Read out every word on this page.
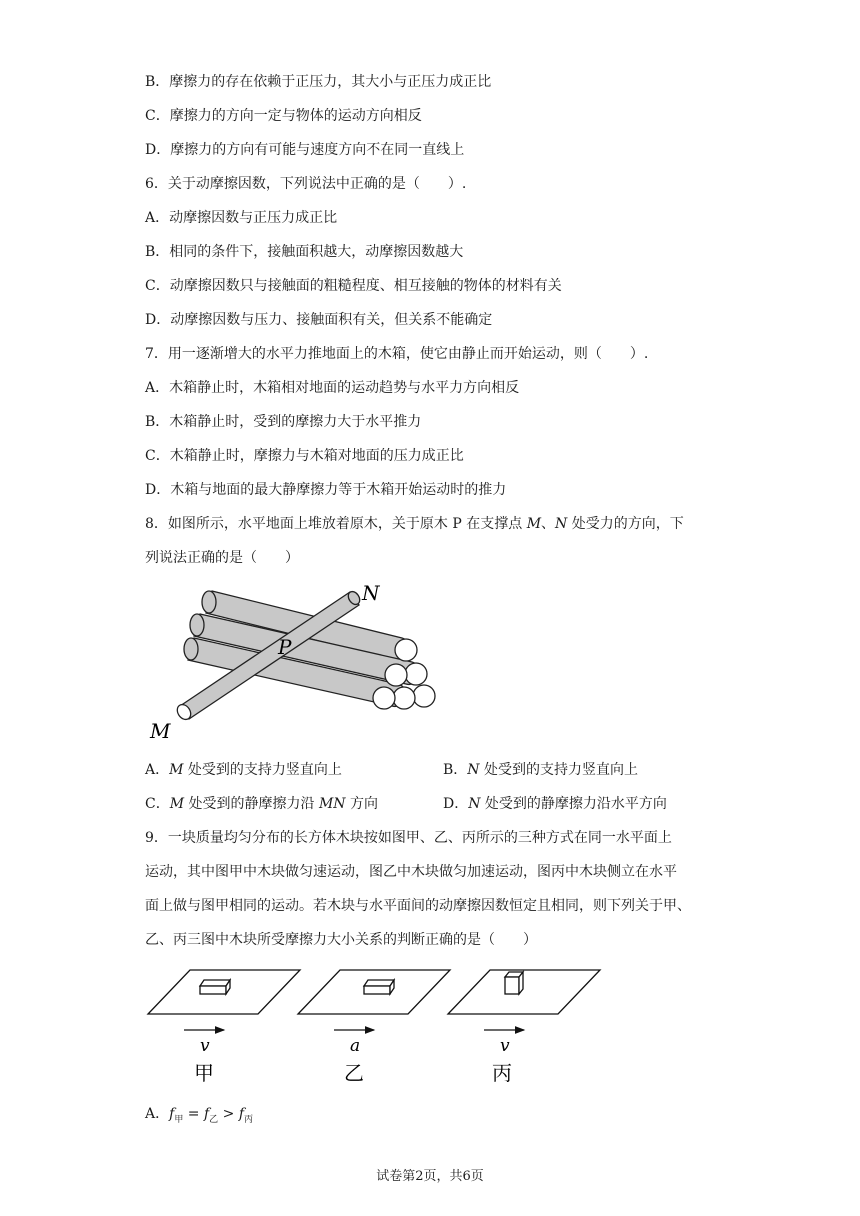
B．摩擦力的存在依赖于正压力，其大小与正压力成正比
C．摩擦力的方向一定与物体的运动方向相反
D．摩擦力的方向有可能与速度方向不在同一直线上
6．关于动摩擦因数，下列说法中正确的是（　　）.
A．动摩擦因数与正压力成正比
B．相同的条件下，接触面积越大，动摩擦因数越大
C．动摩擦因数只与接触面的粗糙程度、相互接触的物体的材料有关
D．动摩擦因数与压力、接触面积有关，但关系不能确定
7．用一逐渐增大的水平力推地面上的木箱，使它由静止而开始运动，则（　　）.
A．木箱静止时，木箱相对地面的运动趋势与水平力方向相反
B．木箱静止时，受到的摩擦力大于水平推力
C．木箱静止时，摩擦力与木箱对地面的压力成正比
D．木箱与地面的最大静摩擦力等于木箱开始运动时的推力
8．如图所示，水平地面上堆放着原木，关于原木 P 在支撑点 M、N 处受力的方向，下
列说法正确的是（　　）
N
P
M
A．M 处受到的支持力竖直向上	B．N 处受到的支持力竖直向上
C．M 处受到的静摩擦力沿 MN 方向	D．N 处受到的静摩擦力沿水平方向
9．一块质量均匀分布的长方体木块按如图甲、乙、丙所示的三种方式在同一水平面上
运动，其中图甲中木块做匀速运动，图乙中木块做匀加速运动，图丙中木块侧立在水平
面上做与图甲相同的运动。若木块与水平面间的动摩擦因数恒定且相同，则下列关于甲、
乙、丙三图中木块所受摩擦力大小关系的判断正确的是（　　）
v	a	v
甲	乙	丙
A．$f_甲 = f_乙 > f_丙$
试卷第2页，共6页
